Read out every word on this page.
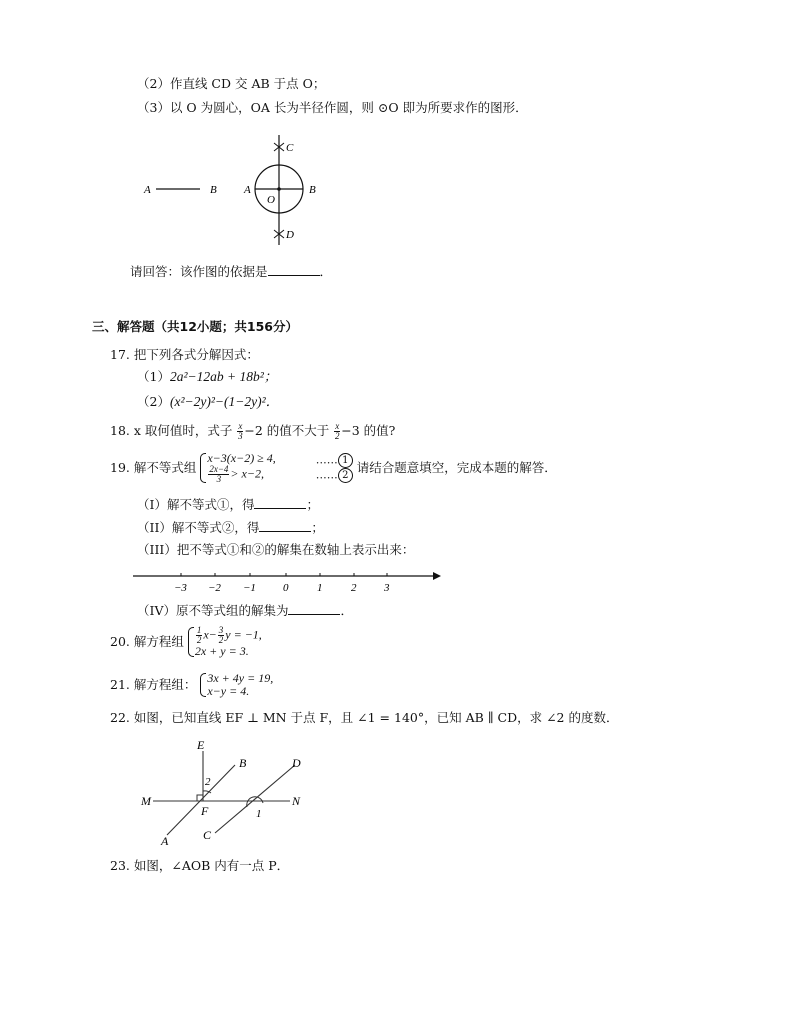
（2）作直线 CD 交 AB 于点 O；
（3）以 O 为圆心，OA 长为半径作圆，则 ⊙O 即为所要求作的图形．
A	B A	B
C
D
O
请回答：该作图的依据是	．
三、解答题（共12小题；共156分）
17. 把下列各式分解因式：
（1）2a²−12ab + 18b²；
（2）(x²−2y)²−(1−2y)²．
18. x 取何值时，式子 $\frac{x}{3} -2$ 的值不大于 $\frac{x}{2} -3$ 的值?
19. 解不等式组
x−3(x−2) ≥ 4,
$\frac{2x-4}{3} > x-2$,

…… 1
…… 2
请结合题意填空，完成本题的解答．
（I）解不等式①，得	；
（II）解不等式②，得	；
（III）把不等式①和②的解集在数轴上表示出来：
−3 −2 −1 0	1	2	3
（IV）原不等式组的解集为	．
20. 解方程组 $\frac{1}{2} x- \frac{3}{2}$ y = −1,
2x + y = 3.
21. 解方程组： 3x + 4y = 19,
x−y = 4.
22. 如图，已知直线 EF ⊥ MN 于点 F，且 ∠1 = 140°，已知 AB ∥ CD，求 ∠2 的度数．
E
B	D
M	N
F
A	C
1
2
23. 如图，∠AOB 内有一点 P．
